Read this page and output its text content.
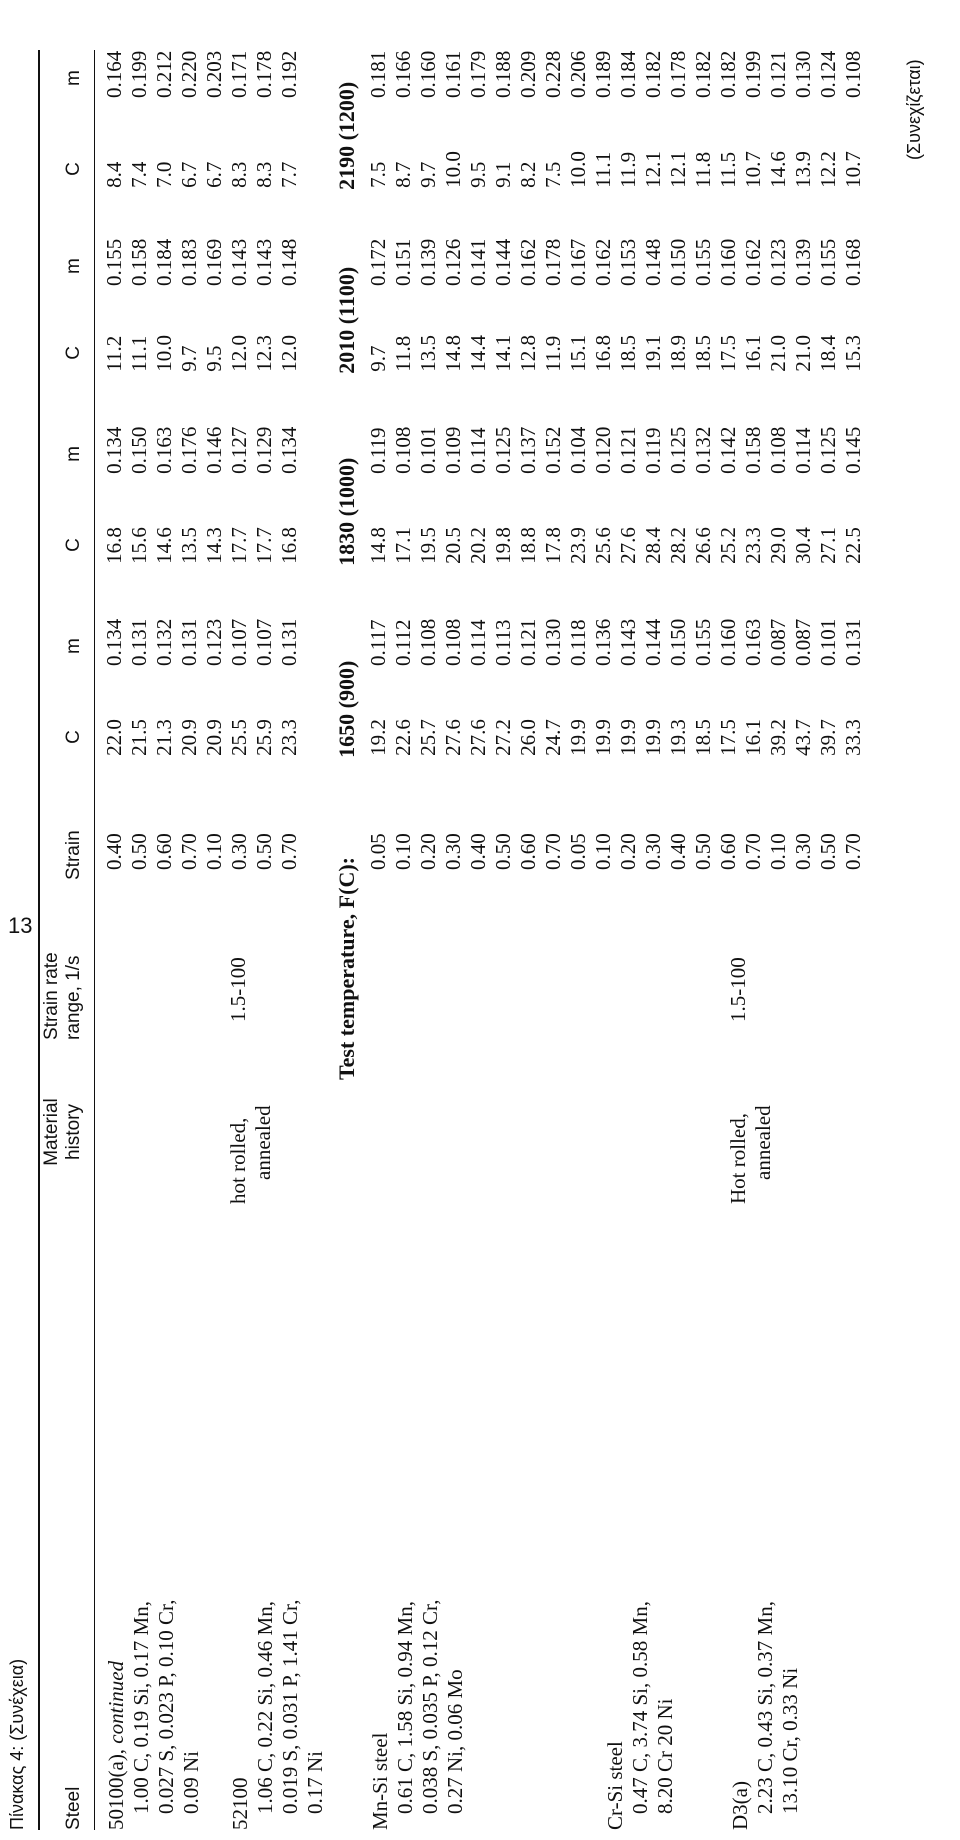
Πίνακας 4: (Συνέχεια) Steel
Material history
Strain rate range, 1/s
Strain
C
m
C
m
C
m
C
m
50100(a), continued 1.00 C, 0.19 Si, 0.17 Mn, 0.027 S, 0.023 P, 0.10 Cr, 0.09 Ni 52100 1.06 C, 0.22 Si, 0.46 Mn, 0.019 S, 0.031 P, 1.41 Cr, 0.17 Ni Mn-Si steel 0.61 C, 1.58 Si, 0.94 Mn, 0.038 S, 0.035 P, 0.12 Cr, 0.27 Ni, 0.06 Mo	Cr-Si steel 0.47 C, 3.74 Si, 0.58 Mn, 8.20 Cr 20 Ni D3(a) 2.23 C, 0.43 Si, 0.37 Mn, 13.10 Cr, 0.33 Ni
hot rolled, annealed
1.5-100
Hot rolled, annealed
1.5-100
Test temperature, F(C):
1650 (900)
1830 (1000)
2010 (1100)
2190 (1200)
0.40
22.0
0.134
16.8
0.134
11.2
0.155
8.4
0.164
0.50
21.5
0.131
15.6
0.150
11.1
0.158
7.4
0.199
0.60
21.3
0.132
14.6
0.163
10.0
0.184
7.0
0.212
0.70
20.9
0.131
13.5
0.176
9.7
0.183
6.7
0.220
0.10
20.9
0.123
14.3
0.146
9.5
0.169
6.7
0.203
0.30
25.5
0.107
17.7
0.127
12.0
0.143
8.3
0.171
0.50
25.9
0.107
17.7
0.129
12.3
0.143
8.3
0.178
0.70
23.3
0.131
16.8
0.134
12.0
0.148
7.7
0.192
0.05
19.2
0.117
14.8
0.119
9.7
0.172
7.5
0.181
0.10
22.6
0.112
17.1
0.108
11.8
0.151
8.7
0.166
0.20
25.7
0.108
19.5
0.101
13.5
0.139
9.7
0.160
0.30
27.6
0.108
20.5
0.109
14.8
0.126
10.0
0.161
0.40
27.6
0.114
20.2
0.114
14.4
0.141
9.5
0.179
0.50
27.2
0.113
19.8
0.125
14.1
0.144
9.1
0.188
0.60
26.0
0.121
18.8
0.137
12.8
0.162
8.2
0.209
0.70
24.7
0.130
17.8
0.152
11.9
0.178
7.5
0.228
0.05
19.9
0.118
23.9
0.104
15.1
0.167
10.0
0.206
0.10
19.9
0.136
25.6
0.120
16.8
0.162
11.1
0.189
0.20
19.9
0.143
27.6
0.121
18.5
0.153
11.9
0.184
0.30
19.9
0.144
28.4
0.119
19.1
0.148
12.1
0.182
0.40
19.3
0.150
28.2
0.125
18.9
0.150
12.1
0.178
0.50
18.5
0.155
26.6
0.132
18.5
0.155
11.8
0.182
0.60
17.5
0.160
25.2
0.142
17.5
0.160
11.5
0.182
0.70
16.1
0.163
23.3
0.158
16.1
0.162
10.7
0.199
0.10
39.2
0.087
29.0
0.108
21.0
0.123
14.6
0.121
0.30
43.7
0.087
30.4
0.114
21.0
0.139
13.9
0.130
0.50
39.7
0.101
27.1
0.125
18.4
0.155
12.2
0.124
0.70
33.3
0.131
22.5
0.145
15.3
0.168
10.7
0.108 (Συνεχίζεται)
13
